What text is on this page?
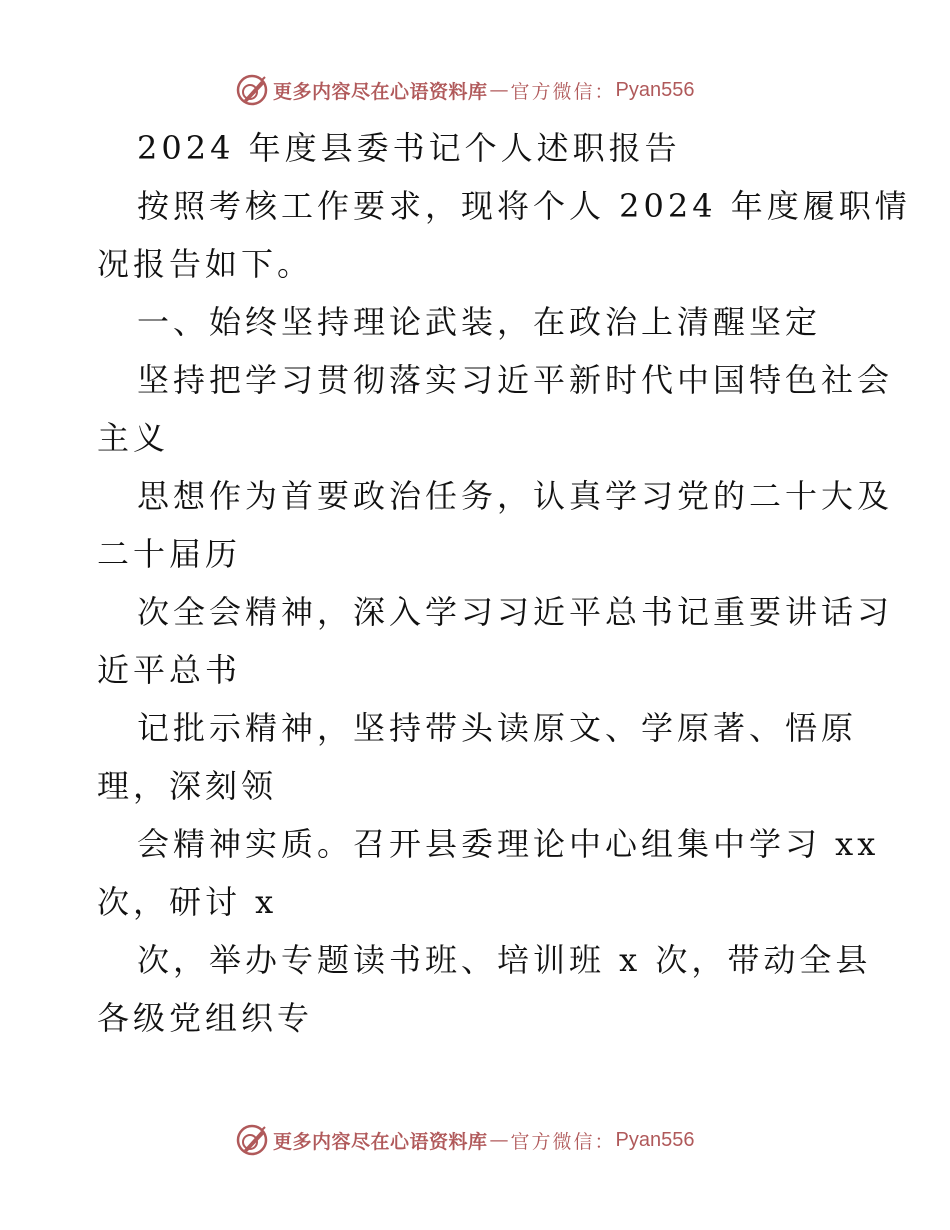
更多内容尽在心语资料库 — 官方微信： Pyan556
2024 年度县委书记个人述职报告
按照考核工作要求，现将个人 2024 年度履职情
况报告如下。
一、始终坚持理论武装，在政治上清醒坚定
坚持把学习贯彻落实习近平新时代中国特色社会
主义
思想作为首要政治任务，认真学习党的二十大及
二十届历
次全会精神，深入学习习近平总书记重要讲话习
近平总书
记批示精神，坚持带头读原文、学原著、悟原
理，深刻领
会精神实质。召开县委理论中心组集中学习 xx
次，研讨 x
次，举办专题读书班、培训班 x 次，带动全县
各级党组织专
更多内容尽在心语资料库 — 官方微信： Pyan556
